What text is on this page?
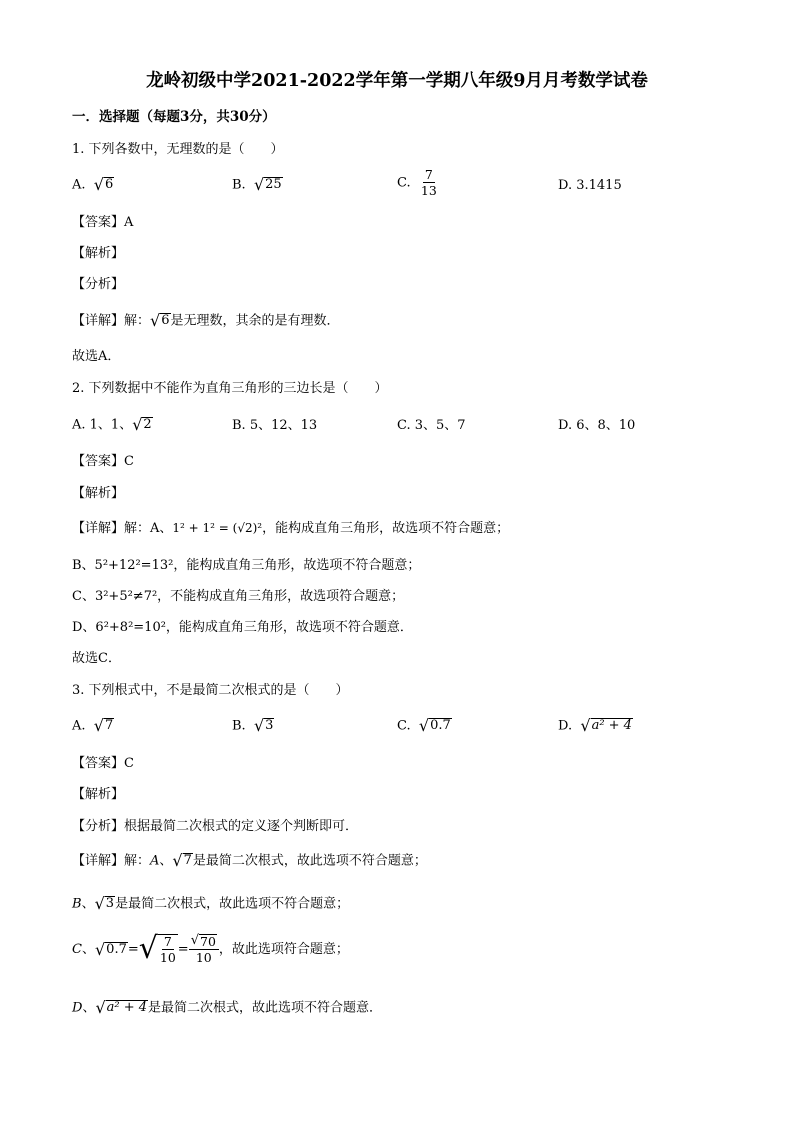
龙岭初级中学2021-2022学年第一学期八年级9月月考数学试卷
一．选择题（每题3分，共30分）
1. 下列各数中，无理数的是（　　）
A. √ 6	B. √ 25	C. $\frac{7}{13}$	D. 3.1415
【答案】A
【解析】
【分析】
【详解】解： √ 6 是无理数，其余的是有理数．
故选A．
2. 下列数据中不能作为直角三角形的三边长是（　　）
A. 1、1、 √ 2	B. 5、12、13	C. 3、5、7	D. 6、8、10
【答案】C
【解析】
【详解】解：A、1² + 1² = (√2)²，能构成直角三角形，故选项不符合题意；
B、5²+12²=13²，能构成直角三角形，故选项不符合题意；
C、3²+5²≠7²，不能构成直角三角形，故选项符合题意；
D、6²+8²=10²，能构成直角三角形，故选项不符合题意．
故选C．
3. 下列根式中，不是最简二次根式的是（　　）
A. √ 7	B. √ 3	C. √ 0.7	D. √ a² + 4
【答案】C
【解析】
【分析】根据最简二次根式的定义逐个判断即可．
【详解】解：A、 √ 7 是最简二次根式，故此选项不符合题意；
B、 √ 3 是最简二次根式，故此选项不符合题意；
C、 √ 0.7 = √ $\frac{7}{10} = \frac{√ 70}{10}$ ，故此选项符合题意；
D、 √ a² + 4 是最简二次根式，故此选项不符合题意．
